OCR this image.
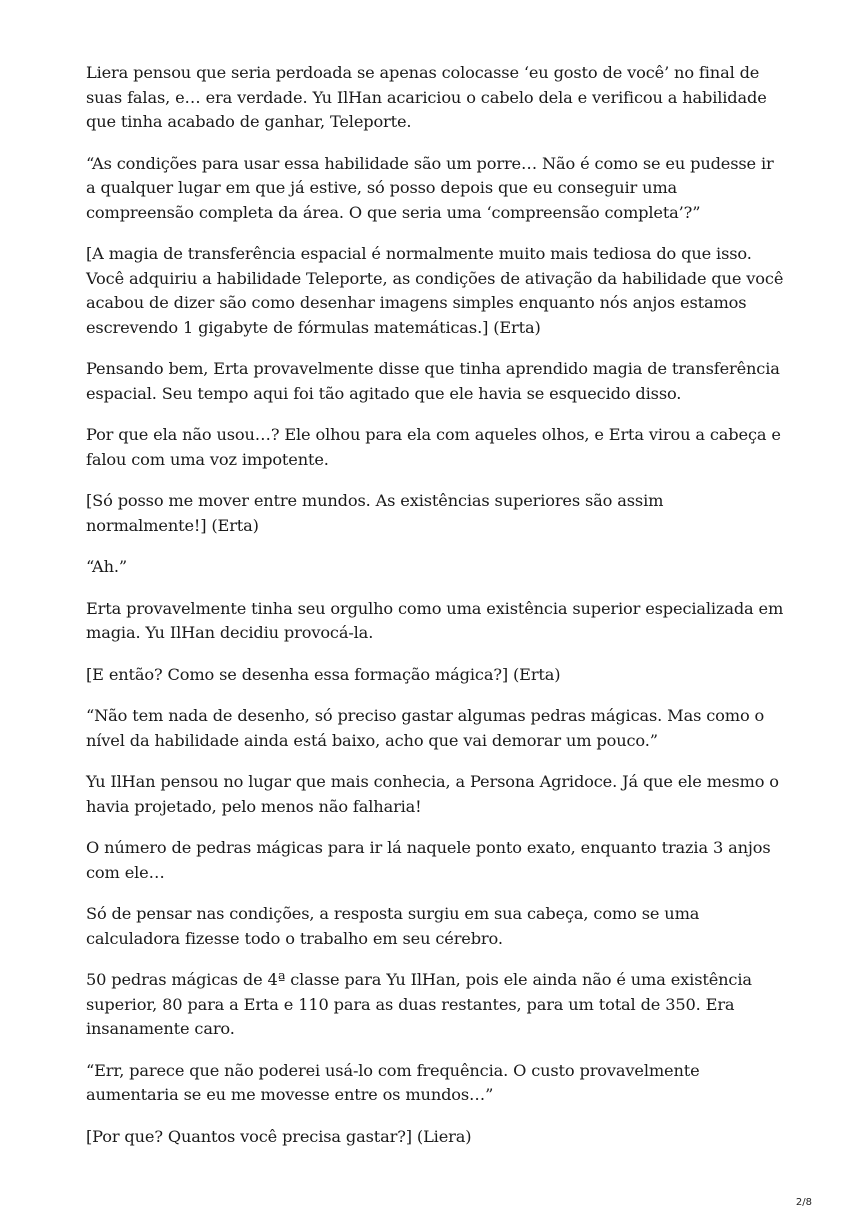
Liera pensou que seria perdoada se apenas colocasse ‘eu gosto de você’ no final de suas falas, e… era verdade. Yu IlHan acariciou o cabelo dela e verificou a habilidade que tinha acabado de ganhar, Teleporte.

“As condições para usar essa habilidade são um porre… Não é como se eu pudesse ir a qualquer lugar em que já estive, só posso depois que eu conseguir uma compreensão completa da área. O que seria uma ‘compreensão completa’?”

[A magia de transferência espacial é normalmente muito mais tediosa do que isso. Você adquiriu a habilidade Teleporte, as condições de ativação da habilidade que você acabou de dizer são como desenhar imagens simples enquanto nós anjos estamos escrevendo 1 gigabyte de fórmulas matemáticas.] (Erta)

Pensando bem, Erta provavelmente disse que tinha aprendido magia de transferência espacial. Seu tempo aqui foi tão agitado que ele havia se esquecido disso.

Por que ela não usou…? Ele olhou para ela com aqueles olhos, e Erta virou a cabeça e falou com uma voz impotente.

[Só posso me mover entre mundos. As existências superiores são assim normalmente!] (Erta)

“Ah.”

Erta provavelmente tinha seu orgulho como uma existência superior especializada em magia. Yu IlHan decidiu provocá-la.

[E então? Como se desenha essa formação mágica?] (Erta)

“Não tem nada de desenho, só preciso gastar algumas pedras mágicas. Mas como o nível da habilidade ainda está baixo, acho que vai demorar um pouco.”

Yu IlHan pensou no lugar que mais conhecia, a Persona Agridoce. Já que ele mesmo o havia projetado, pelo menos não falharia!

O número de pedras mágicas para ir lá naquele ponto exato, enquanto trazia 3 anjos com ele…

Só de pensar nas condições, a resposta surgiu em sua cabeça, como se uma calculadora fizesse todo o trabalho em seu cérebro.

50 pedras mágicas de 4ª classe para Yu IlHan, pois ele ainda não é uma existência superior, 80 para a Erta e 110 para as duas restantes, para um total de 350. Era insanamente caro.

“Err, parece que não poderei usá-lo com frequência. O custo provavelmente aumentaria se eu me movesse entre os mundos…”

[Por que? Quantos você precisa gastar?] (Liera)

2/8
